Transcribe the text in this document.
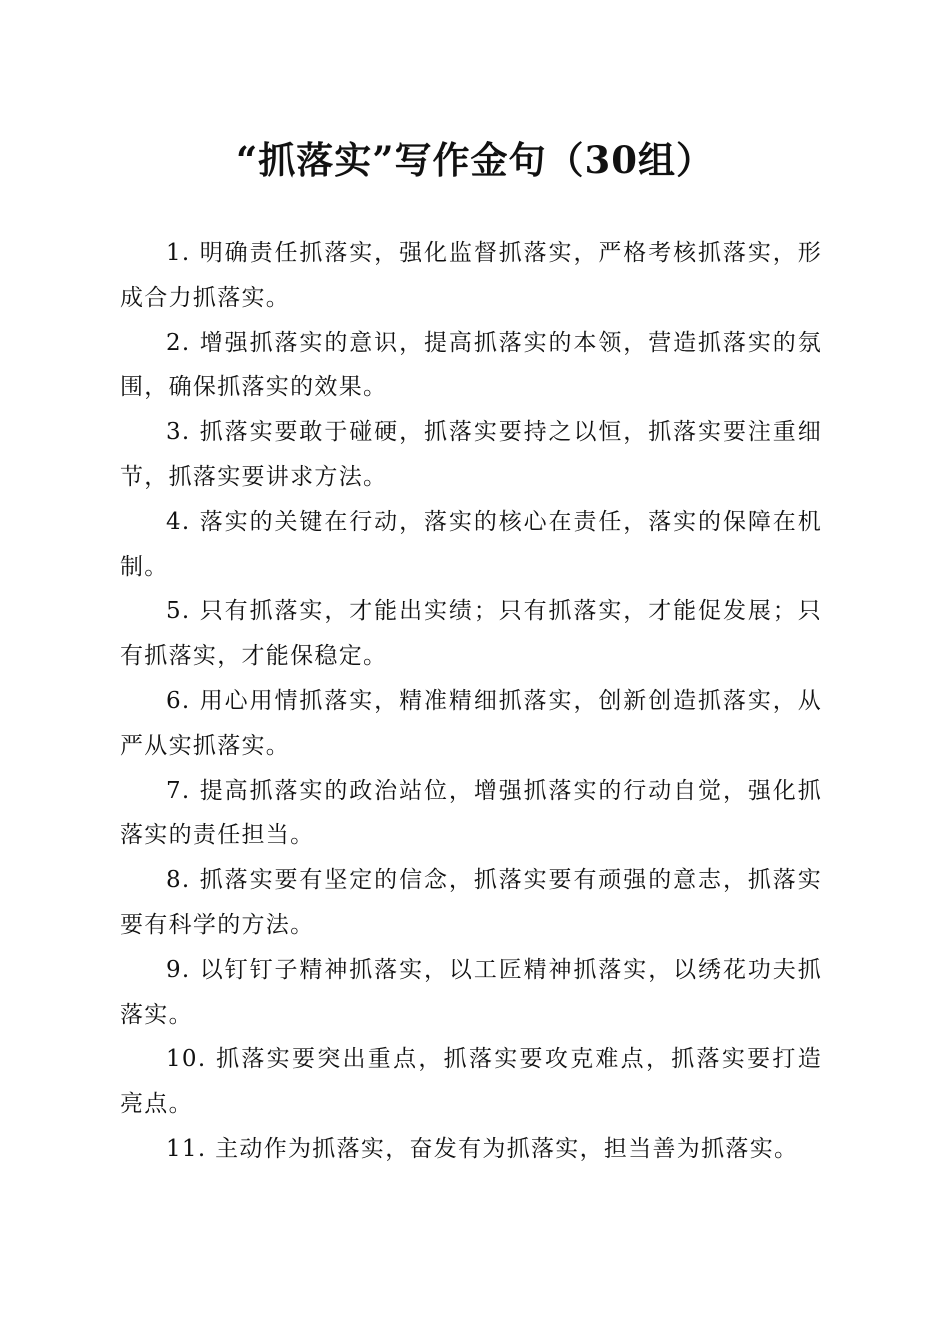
“抓落实”写作金句（30组）

1. 明确责任抓落实，强化监督抓落实，严格考核抓落实，形成合力抓落实。

2. 增强抓落实的意识，提高抓落实的本领，营造抓落实的氛围，确保抓落实的效果。

3. 抓落实要敢于碰硬，抓落实要持之以恒，抓落实要注重细节，抓落实要讲求方法。

4. 落实的关键在行动，落实的核心在责任，落实的保障在机制。

5. 只有抓落实，才能出实绩；只有抓落实，才能促发展；只有抓落实，才能保稳定。

6. 用心用情抓落实，精准精细抓落实，创新创造抓落实，从严从实抓落实。

7. 提高抓落实的政治站位，增强抓落实的行动自觉，强化抓落实的责任担当。

8. 抓落实要有坚定的信念，抓落实要有顽强的意志，抓落实要有科学的方法。

9. 以钉钉子精神抓落实，以工匠精神抓落实，以绣花功夫抓落实。

10. 抓落实要突出重点，抓落实要攻克难点，抓落实要打造亮点。

11. 主动作为抓落实，奋发有为抓落实，担当善为抓落实。
